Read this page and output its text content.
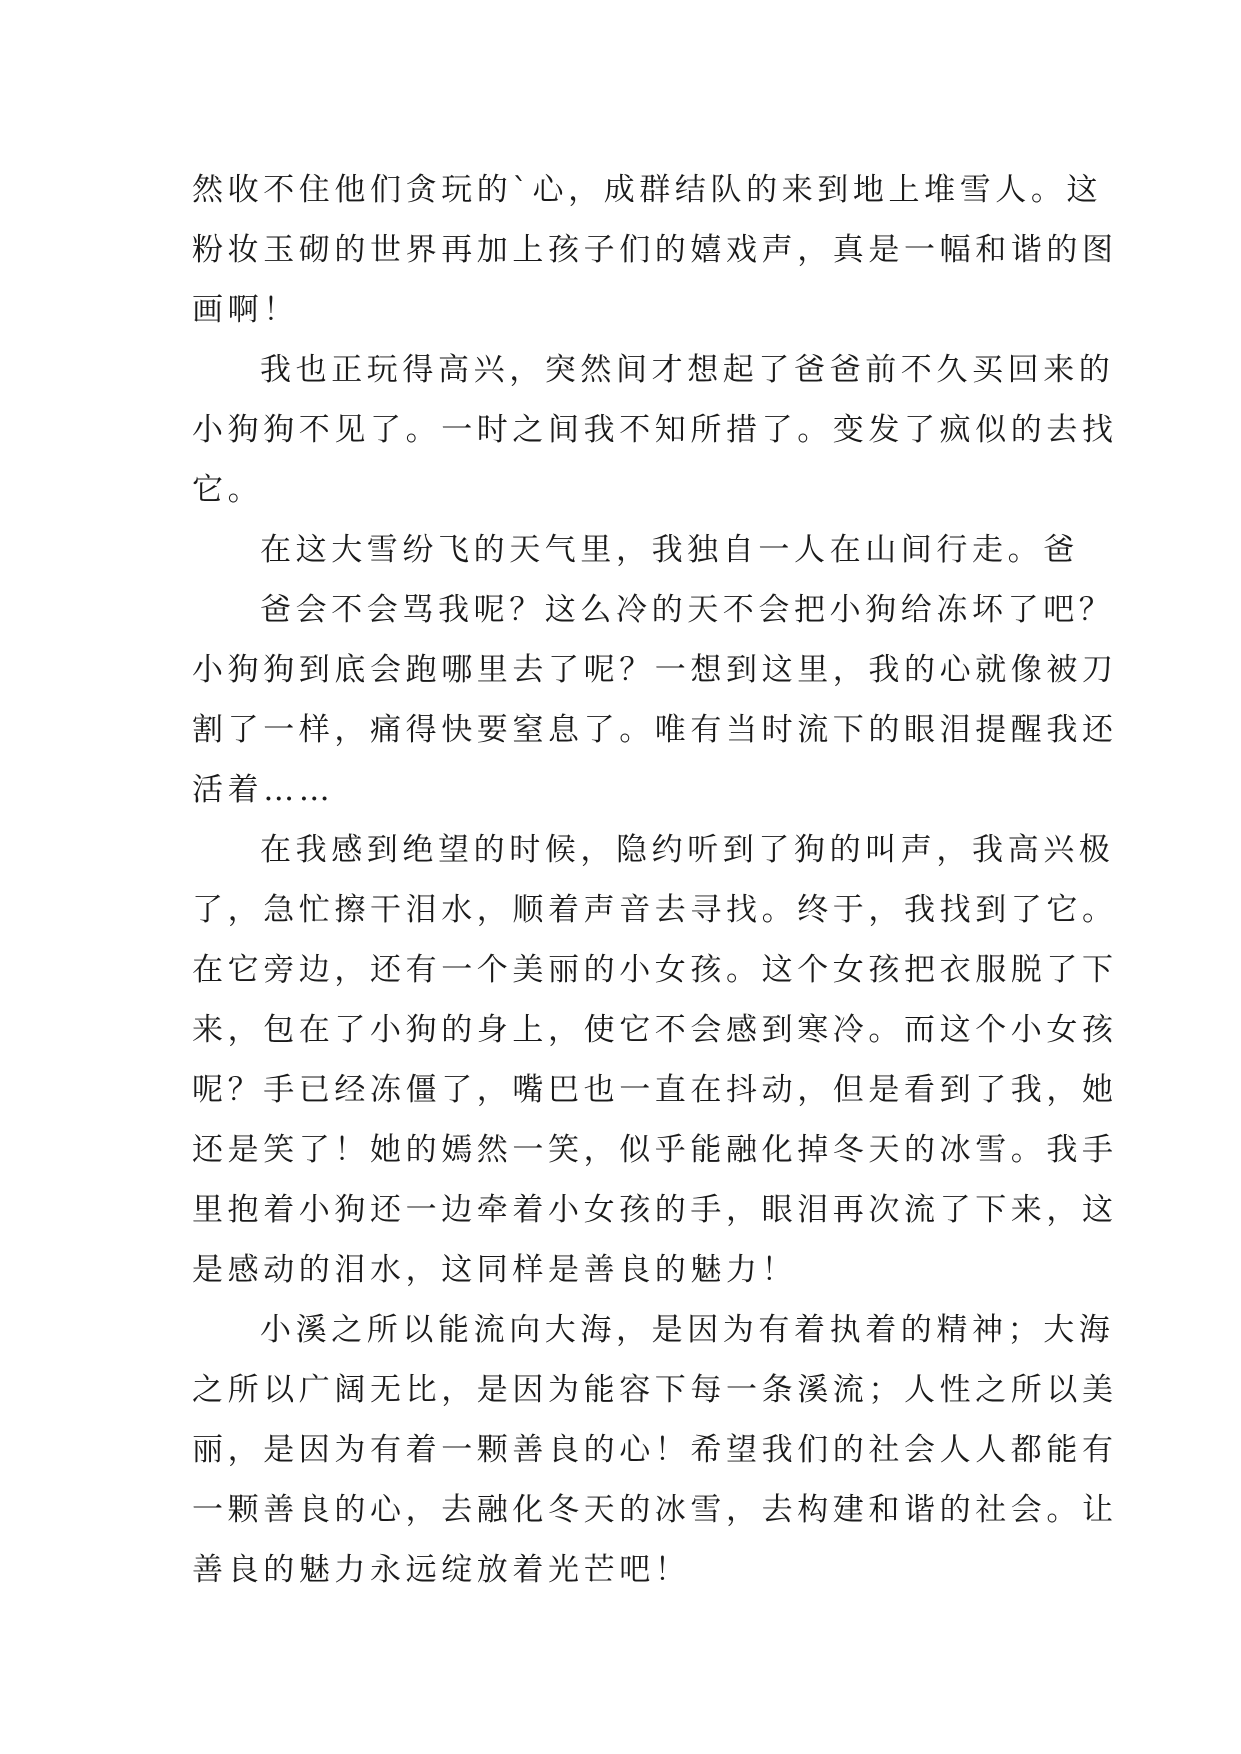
然收不住他们贪玩的`心，成群结队的来到地上堆雪人。这
粉妆玉砌的世界再加上孩子们的嬉戏声，真是一幅和谐的图
画啊！
我也正玩得高兴，突然间才想起了爸爸前不久买回来的
小狗狗不见了。一时之间我不知所措了。变发了疯似的去找
它。
在这大雪纷飞的天气里，我独自一人在山间行走。爸
爸会不会骂我呢？这么冷的天不会把小狗给冻坏了吧？
小狗狗到底会跑哪里去了呢？一想到这里，我的心就像被刀
割了一样，痛得快要窒息了。唯有当时流下的眼泪提醒我还
活着……
在我感到绝望的时候，隐约听到了狗的叫声，我高兴极
了，急忙擦干泪水，顺着声音去寻找。终于，我找到了它。
在它旁边，还有一个美丽的小女孩。这个女孩把衣服脱了下
来，包在了小狗的身上，使它不会感到寒冷。而这个小女孩
呢？手已经冻僵了，嘴巴也一直在抖动，但是看到了我，她
还是笑了！她的嫣然一笑，似乎能融化掉冬天的冰雪。我手
里抱着小狗还一边牵着小女孩的手，眼泪再次流了下来，这
是感动的泪水，这同样是善良的魅力！
小溪之所以能流向大海，是因为有着执着的精神；大海
之所以广阔无比，是因为能容下每一条溪流；人性之所以美
丽，是因为有着一颗善良的心！希望我们的社会人人都能有
一颗善良的心，去融化冬天的冰雪，去构建和谐的社会。让
善良的魅力永远绽放着光芒吧！
